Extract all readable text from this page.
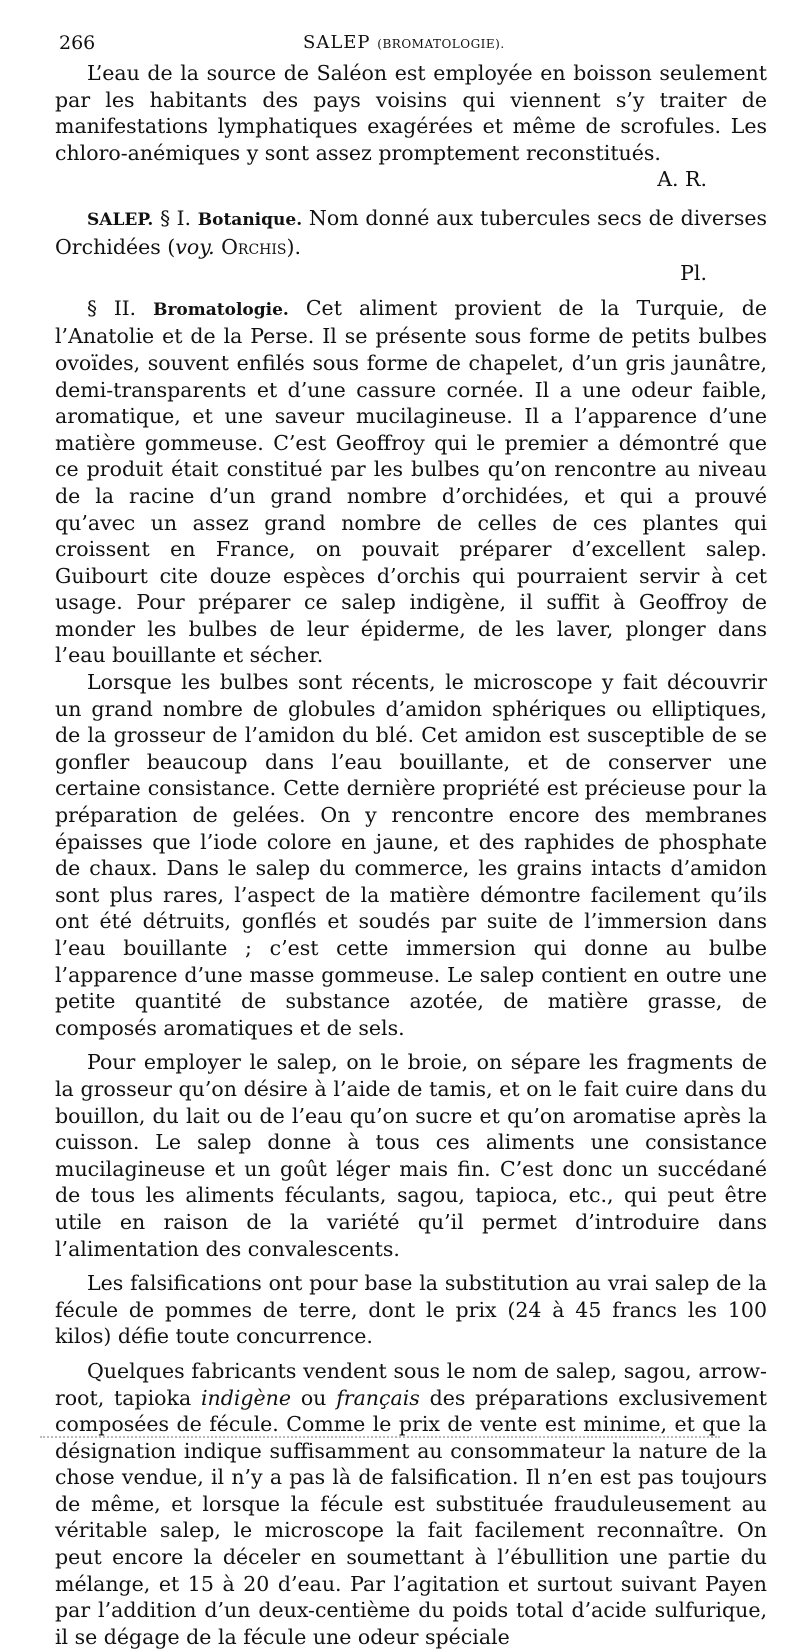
266	SALEP (BROMATOLOGIE).

L’eau de la source de Saléon est employée en boisson seulement par les habitants des pays voisins qui viennent s’y traiter de manifestations lymphatiques exagérées et même de scrofules. Les chloro-anémiques y sont assez promptement reconstitués.

A. R.

SALEP. § I. Botanique. Nom donné aux tubercules secs de diverses Orchidées (voy. Orchis).

Pl.

§ II. Bromatologie. Cet aliment provient de la Turquie, de l’Anatolie et de la Perse. Il se présente sous forme de petits bulbes ovoïdes, souvent enfilés sous forme de chapelet, d’un gris jaunâtre, demi-transparents et d’une cassure cornée. Il a une odeur faible, aromatique, et une saveur mucilagineuse. Il a l’apparence d’une matière gommeuse. C’est Geoffroy qui le premier a démontré que ce produit était constitué par les bulbes qu’on rencontre au niveau de la racine d’un grand nombre d’orchidées, et qui a prouvé qu’avec un assez grand nombre de celles de ces plantes qui croissent en France, on pouvait préparer d’excellent salep. Guibourt cite douze espèces d’orchis qui pourraient servir à cet usage. Pour préparer ce salep indigène, il suffit à Geoffroy de monder les bulbes de leur épiderme, de les laver, plonger dans l’eau bouillante et sécher.

Lorsque les bulbes sont récents, le microscope y fait découvrir un grand nombre de globules d’amidon sphériques ou elliptiques, de la grosseur de l’amidon du blé. Cet amidon est susceptible de se gonfler beaucoup dans l’eau bouillante, et de conserver une certaine consistance. Cette dernière propriété est précieuse pour la préparation de gelées. On y rencontre encore des membranes épaisses que l’iode colore en jaune, et des raphides de phosphate de chaux. Dans le salep du commerce, les grains intacts d’amidon sont plus rares, l’aspect de la matière démontre facilement qu’ils ont été détruits, gonflés et soudés par suite de l’immersion dans l’eau bouillante ; c’est cette immersion qui donne au bulbe l’apparence d’une masse gommeuse. Le salep contient en outre une petite quantité de substance azotée, de matière grasse, de composés aromatiques et de sels.

Pour employer le salep, on le broie, on sépare les fragments de la grosseur qu’on désire à l’aide de tamis, et on le fait cuire dans du bouillon, du lait ou de l’eau qu’on sucre et qu’on aromatise après la cuisson. Le salep donne à tous ces aliments une consistance mucilagineuse et un goût léger mais fin. C’est donc un succédané de tous les aliments féculants, sagou, tapioca, etc., qui peut être utile en raison de la variété qu’il permet d’introduire dans l’alimentation des convalescents.

Les falsifications ont pour base la substitution au vrai salep de la fécule de pommes de terre, dont le prix (24 à 45 francs les 100 kilos) défie toute concurrence.

Quelques fabricants vendent sous le nom de salep, sagou, arrow-root, tapioka indigène ou français des préparations exclusivement composées de fécule. Comme le prix de vente est minime, et que la désignation indique suffisamment au consommateur la nature de la chose vendue, il n’y a pas là de falsification. Il n’en est pas toujours de même, et lorsque la fécule est substituée frauduleusement au véritable salep, le microscope la fait facilement reconnaître. On peut encore la déceler en soumettant à l’ébullition une partie du mélange, et 15 à 20 d’eau. Par l’agitation et surtout suivant Payen par l’addition d’un deux-centième du poids total d’acide sulfurique, il se dégage de la fécule une odeur spéciale
